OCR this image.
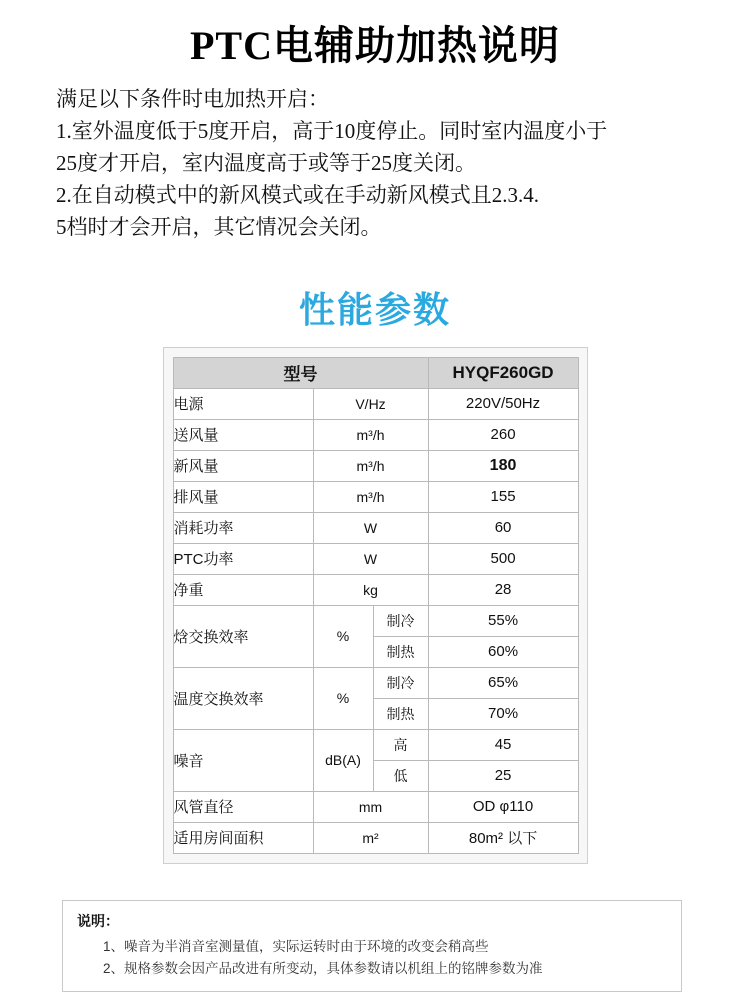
PTC电辅助加热说明

满足以下条件时电加热开启：

1.室外温度低于5度开启，高于10度停止。同时室内温度小于

25度才开启，室内温度高于或等于25度关闭。

2.在自动模式中的新风模式或在手动新风模式且2.3.4.

5档时才会开启，其它情况会关闭。

性能参数
型号			HYQF260GD
电源	V/Hz		220V/50Hz
送风量	m³/h		260
新风量	m³/h		180
排风量	m³/h		155
消耗功率	W		60
PTC功率	W		500
净重	kg		28
焓交换效率	%	制冷	55%
		制热	60%
温度交换效率	%	制冷	65%
		制热	70%
噪音	dB(A)	高	45
		低	25
风管直径	mm		OD φ110
适用房间面积	m²		80m² 以下
说明：
1、噪音为半消音室测量值，实际运转时由于环境的改变会稍高些
2、规格参数会因产品改进有所变动，具体参数请以机组上的铭牌参数为准
